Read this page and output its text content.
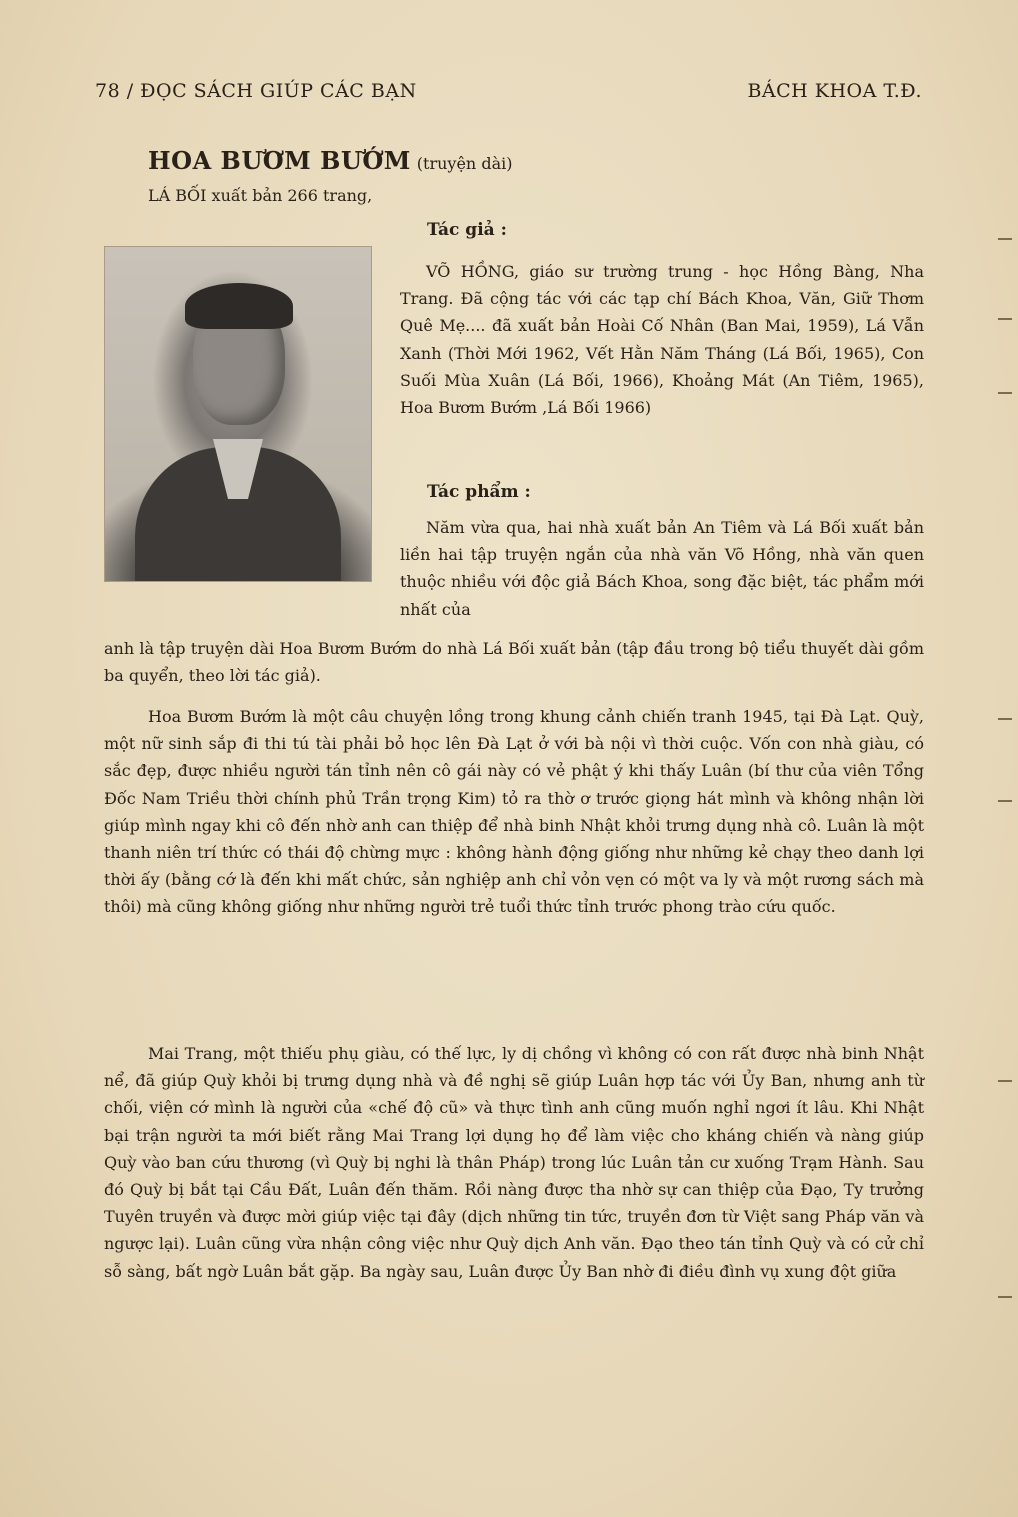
78 / ĐỌC SÁCH GIÚP CÁC BẠN	BÁCH KHOA T.Đ.
HOA BƯƠM BƯỚM (truyện dài)
LÁ BỐI xuất bản 266 trang,
Tác giả :

VÕ HỒNG, giáo sư trường trung - học Hồng Bàng, Nha Trang. Đã cộng tác với các tạp chí Bách Khoa, Văn, Giữ Thơm Quê Mẹ.... đã xuất bản Hoài Cố Nhân (Ban Mai, 1959), Lá Vẫn Xanh (Thời Mới 1962, Vết Hằn Năm Tháng (Lá Bối, 1965), Con Suối Mùa Xuân (Lá Bối, 1966), Khoảng Mát (An Tiêm, 1965), Hoa Bươm Bướm ,Lá Bối 1966)

Tác phẩm :

Năm vừa qua, hai nhà xuất bản An Tiêm và Lá Bối xuất bản liền hai tập truyện ngắn của nhà văn Võ Hồng, nhà văn quen thuộc nhiều với độc giả Bách Khoa, song đặc biệt, tác phẩm mới nhất của

anh là tập truyện dài Hoa Bươm Bướm do nhà Lá Bối xuất bản (tập đầu trong bộ tiểu thuyết dài gồm ba quyển, theo lời tác giả).

Hoa Bươm Bướm là một câu chuyện lồng trong khung cảnh chiến tranh 1945, tại Đà Lạt. Quỳ, một nữ sinh sắp đi thi tú tài phải bỏ học lên Đà Lạt ở với bà nội vì thời cuộc. Vốn con nhà giàu, có sắc đẹp, được nhiều người tán tỉnh nên cô gái này có vẻ phật ý khi thấy Luân (bí thư của viên Tổng Đốc Nam Triều thời chính phủ Trần trọng Kim) tỏ ra thờ ơ trước giọng hát mình và không nhận lời giúp mình ngay khi cô đến nhờ anh can thiệp để nhà binh Nhật khỏi trưng dụng nhà cô. Luân là một thanh niên trí thức có thái độ chừng mực : không hành động giống như những kẻ chạy theo danh lợi thời ấy (bằng cớ là đến khi mất chức, sản nghiệp anh chỉ vỏn vẹn có một va ly và một rương sách mà thôi) mà cũng không giống như những người trẻ tuổi thức tỉnh trước phong trào cứu quốc.

Mai Trang, một thiếu phụ giàu, có thế lực, ly dị chồng vì không có con rất được nhà binh Nhật nể, đã giúp Quỳ khỏi bị trưng dụng nhà và đề nghị sẽ giúp Luân hợp tác với Ủy Ban, nhưng anh từ chối, viện cớ mình là người của «chế độ cũ» và thực tình anh cũng muốn nghỉ ngơi ít lâu. Khi Nhật bại trận người ta mới biết rằng Mai Trang lợi dụng họ để làm việc cho kháng chiến và nàng giúp Quỳ vào ban cứu thương (vì Quỳ bị nghi là thân Pháp) trong lúc Luân tản cư xuống Trạm Hành. Sau đó Quỳ bị bắt tại Cầu Đất, Luân đến thăm. Rồi nàng được tha nhờ sự can thiệp của Đạo, Ty trưởng Tuyên truyền và được mời giúp việc tại đây (dịch những tin tức, truyền đơn từ Việt sang Pháp văn và ngược lại). Luân cũng vừa nhận công việc như Quỳ dịch Anh văn. Đạo theo tán tỉnh Quỳ và có cử chỉ sỗ sàng, bất ngờ Luân bắt gặp. Ba ngày sau, Luân được Ủy Ban nhờ đi điều đình vụ xung đột giữa
